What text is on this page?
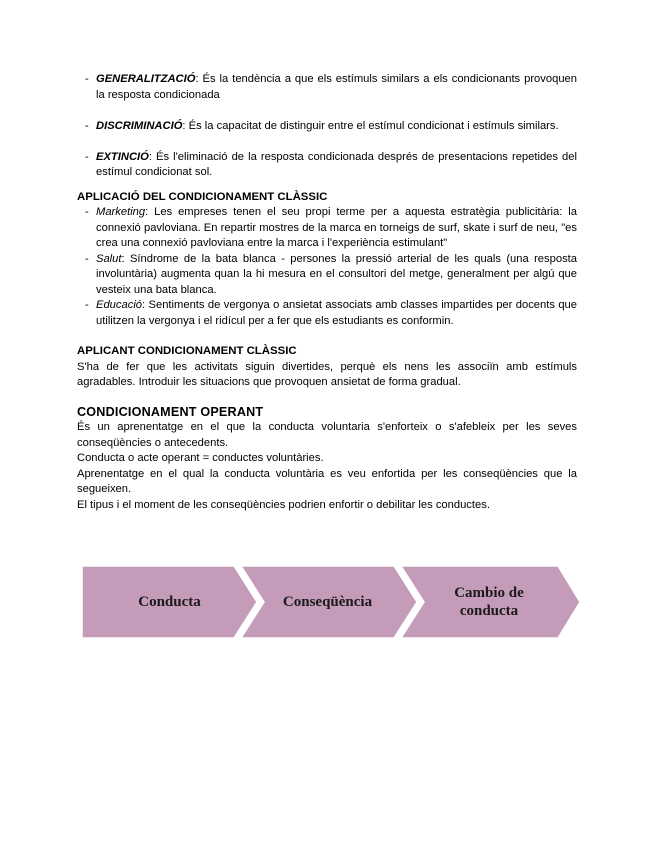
- GENERALITZACIÓ: És la tendència a que els estímuls similars a els condicionants provoquen la resposta condicionada
- DISCRIMINACIÓ: És la capacitat de distinguir entre el estímul condicionat i estímuls similars.
- EXTINCIÓ: És l'eliminació de la resposta condicionada després de presentacions repetides del estímul condicionat sol.
APLICACIÓ DEL CONDICIONAMENT CLÀSSIC
- Marketing: Les empreses tenen el seu propi terme per a aquesta estratègia publicitària: la connexió pavloviana. En repartir mostres de la marca en torneigs de surf, skate i surf de neu, "es crea una connexió pavloviana entre la marca i l'experiència estimulant"
- Salut: Síndrome de la bata blanca - persones la pressió arterial de les quals (una resposta involuntària) augmenta quan la hi mesura en el consultori del metge, generalment per algú que vesteix una bata blanca.
- Educació: Sentiments de vergonya o ansietat associats amb classes impartides per docents que utilitzen la vergonya i el ridícul per a fer que els estudiants es conformin.
APLICANT CONDICIONAMENT CLÀSSIC
S'ha de fer que les activitats siguin divertides, perquè els nens les associïn amb estímuls agradables. Introduir les situacions que provoquen ansietat de forma gradual.
CONDICIONAMENT OPERANT
És un aprenentatge en el que la conducta voluntaria s'enforteix o s'afebleix per les seves conseqüències o antecedents.
Conducta o acte operant = conductes voluntàries.
Aprenentatge en el qual la conducta voluntària es veu enfortida per les conseqüències que la segueixen.
El tipus i el moment de les conseqüències podrien enfortir o debilitar les conductes.
Conducta	Conseqüència
Cambio de
conducta
